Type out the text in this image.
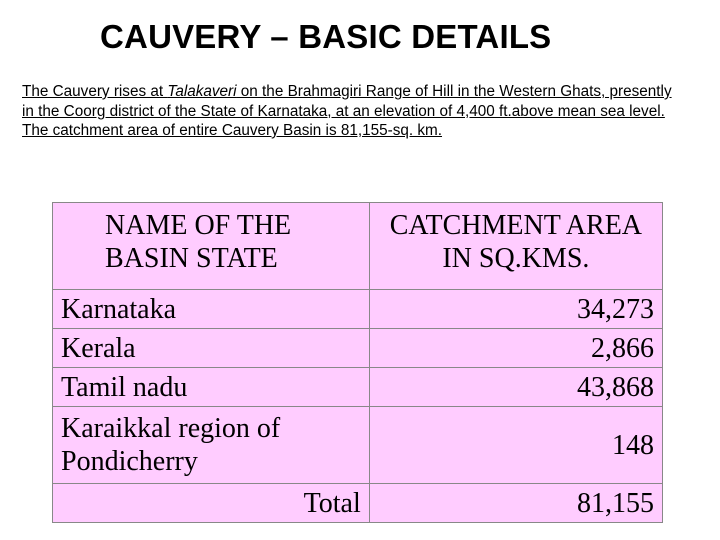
CAUVERY – BASIC DETAILS

The Cauvery rises at Talakaveri on the Brahmagiri Range of Hill in the Western Ghats, presently in the Coorg district of the State of Karnataka, at an elevation of 4,400 ft.above mean sea level. The catchment area of entire Cauvery Basin is 81,155-sq. km.

NAME OF THE BASIN STATE	CATCHMENT AREA IN SQ.KMS.
Karnataka	34,273
Kerala	2,866
Tamil nadu	43,868
Karaikkal region of Pondicherry	148
Total	81,155
